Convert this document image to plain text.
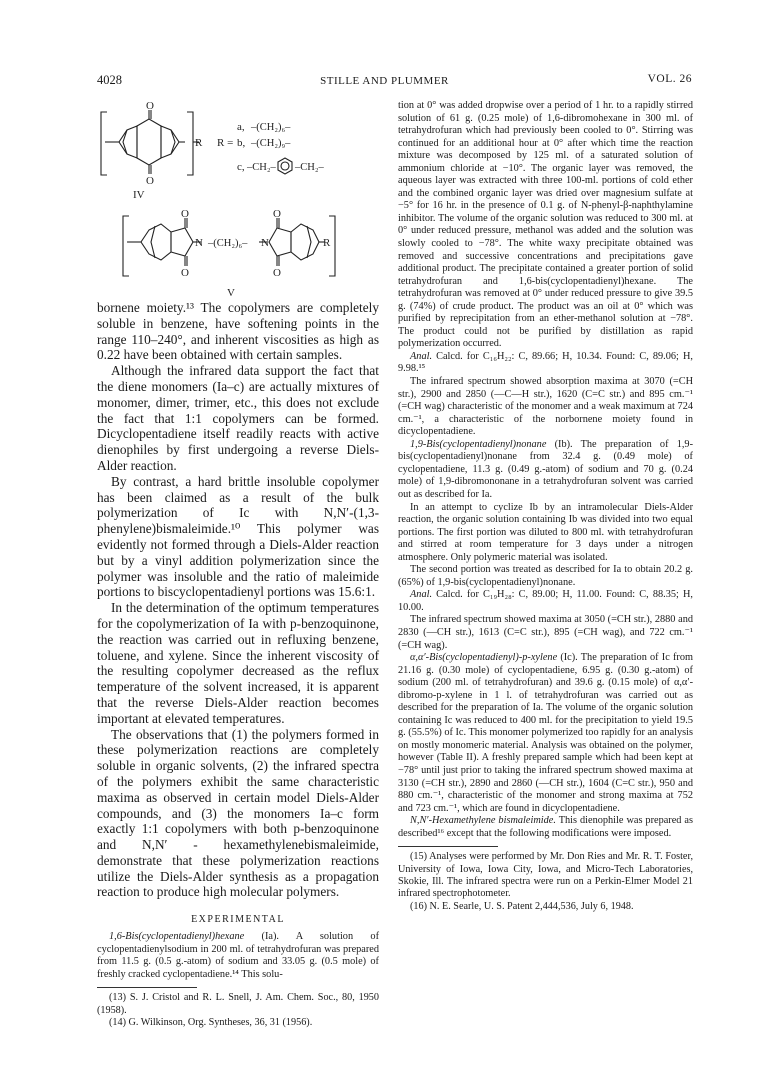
4028	STILLE AND PLUMMER	VOL. 26
O
O
R
IV
O
O
N –(CH₂)₆– N
O
O
R
V
R =
a, –(CH₂)₆–
b, –(CH₂)₉–
c, –CH₂– –CH₂–

bornene moiety.¹³ The copolymers are completely soluble in benzene, have softening points in the range 110–240°, and inherent viscosities as high as 0.22 have been obtained with certain samples.

Although the infrared data support the fact that the diene monomers (Ia–c) are actually mixtures of monomer, dimer, trimer, etc., this does not exclude the fact that 1:1 copolymers can be formed. Dicyclopentadiene itself readily reacts with active dienophiles by first undergoing a reverse Diels-Alder reaction.

By contrast, a hard brittle insoluble copolymer has been claimed as a result of the bulk polymerization of Ic with N,N′-(1,3-phenylene)bismaleimide.¹⁰ This polymer was evidently not formed through a Diels-Alder reaction but by a vinyl addition polymerization since the polymer was insoluble and the ratio of maleimide portions to biscyclopentadienyl portions was 15.6:1.

In the determination of the optimum temperatures for the copolymerization of Ia with p-benzoquinone, the reaction was carried out in refluxing benzene, toluene, and xylene. Since the inherent viscosity of the resulting copolymer decreased as the reflux temperature of the solvent increased, it is apparent that the reverse Diels-Alder reaction becomes important at elevated temperatures.

The observations that (1) the polymers formed in these polymerization reactions are completely soluble in organic solvents, (2) the infrared spectra of the polymers exhibit the same characteristic maxima as observed in certain model Diels-Alder compounds, and (3) the monomers Ia–c form exactly 1:1 copolymers with both p-benzoquinone and N,N′ - hexamethylenebismaleimide, demonstrate that these polymerization reactions utilize the Diels-Alder synthesis as a propagation reaction to produce high molecular polymers.

EXPERIMENTAL

1,6-Bis(cyclopentadienyl)hexane (Ia). A solution of cyclopentadienylsodium in 200 ml. of tetrahydrofuran was prepared from 11.5 g. (0.5 g.-atom) of sodium and 33.05 g. (0.5 mole) of freshly cracked cyclopentadiene.¹⁴ This solu-

(13) S. J. Cristol and R. L. Snell, J. Am. Chem. Soc., 80, 1950 (1958).

(14) G. Wilkinson, Org. Syntheses, 36, 31 (1956).

tion at 0° was added dropwise over a period of 1 hr. to a rapidly stirred solution of 61 g. (0.25 mole) of 1,6-dibromohexane in 300 ml. of tetrahydrofuran which had previously been cooled to 0°. Stirring was continued for an additional hour at 0° after which time the reaction mixture was decomposed by 125 ml. of a saturated solution of ammonium chloride at −10°. The organic layer was removed, the aqueous layer was extracted with three 100-ml. portions of cold ether and the combined organic layer was dried over magnesium sulfate at −5° for 16 hr. in the presence of 0.1 g. of N-phenyl-β-naphthylamine inhibitor. The volume of the organic solution was reduced to 300 ml. at 0° under reduced pressure, methanol was added and the solution was slowly cooled to −78°. The white waxy precipitate obtained was removed and successive concentrations and precipitations gave additional product. The precipitate contained a greater portion of solid tetrahydrofuran and 1,6-bis(cyclopentadienyl)hexane. The tetrahydrofuran was removed at 0° under reduced pressure to give 39.5 g. (74%) of crude product. The product was an oil at 0° which was purified by reprecipitation from an ether-methanol solution at −78°. The product could not be purified by distillation as rapid polymerization occurred.

Anal. Calcd. for C₁₆H₂₂: C, 89.66; H, 10.34. Found: C, 89.06; H, 9.98.¹⁵

The infrared spectrum showed absorption maxima at 3070 (=CH str.), 2900 and 2850 (—C—H str.), 1620 (C=C str.) and 895 cm.⁻¹ (=CH wag) characteristic of the monomer and a weak maximum at 724 cm.⁻¹, a characteristic of the norbornene moiety found in dicyclopentadiene.

1,9-Bis(cyclopentadienyl)nonane (Ib). The preparation of 1,9-bis(cyclopentadienyl)nonane from 32.4 g. (0.49 mole) of cyclopentadiene, 11.3 g. (0.49 g.-atom) of sodium and 70 g. (0.24 mole) of 1,9-dibromononane in a tetrahydrofuran solvent was carried out as described for Ia.

In an attempt to cyclize Ib by an intramolecular Diels-Alder reaction, the organic solution containing Ib was divided into two equal portions. The first portion was diluted to 800 ml. with tetrahydrofuran and stirred at room temperature for 3 days under a nitrogen atmosphere. Only polymeric material was isolated.

The second portion was treated as described for Ia to obtain 20.2 g. (65%) of 1,9-bis(cyclopentadienyl)nonane.

Anal. Calcd. for C₁₉H₂₈: C, 89.00; H, 11.00. Found: C, 88.35; H, 10.00.

The infrared spectrum showed maxima at 3050 (=CH str.), 2880 and 2830 (—CH str.), 1613 (C=C str.), 895 (=CH wag), and 722 cm.⁻¹ (=CH wag).

α,α′-Bis(cyclopentadienyl)-p-xylene (Ic). The preparation of Ic from 21.16 g. (0.30 mole) of cyclopentadiene, 6.95 g. (0.30 g.-atom) of sodium (200 ml. of tetrahydrofuran) and 39.6 g. (0.15 mole) of α,α′-dibromo-p-xylene in 1 l. of tetrahydrofuran was carried out as described for the preparation of Ia. The volume of the organic solution containing Ic was reduced to 400 ml. for the precipitation to yield 19.5 g. (55.5%) of Ic. This monomer polymerized too rapidly for an analysis on mostly monomeric material. Analysis was obtained on the polymer, however (Table II). A freshly prepared sample which had been kept at −78° until just prior to taking the infrared spectrum showed maxima at 3130 (=CH str.), 2890 and 2860 (—CH str.), 1604 (C=C str.), 950 and 880 cm.⁻¹, characteristic of the monomer and strong maxima at 752 and 723 cm.⁻¹, which are found in dicyclopentadiene.

N,N′-Hexamethylene bismaleimide. This dienophile was prepared as described¹⁶ except that the following modifications were imposed.

(15) Analyses were performed by Mr. Don Ries and Mr. R. T. Foster, University of Iowa, Iowa City, Iowa, and Micro-Tech Laboratories, Skokie, Ill. The infrared spectra were run on a Perkin-Elmer Model 21 infrared spectrophotometer.

(16) N. E. Searle, U. S. Patent 2,444,536, July 6, 1948.
